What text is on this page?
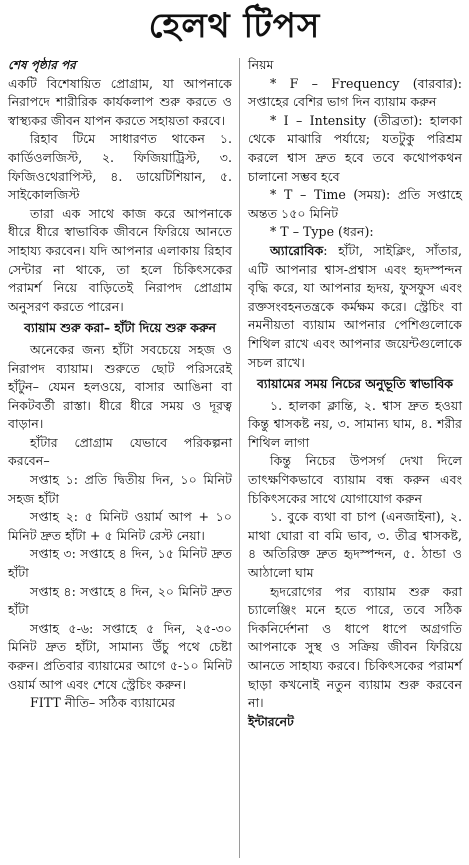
হেলথ টিপস

শেষ পৃষ্ঠার পর

একটি বিশেষায়িত প্রোগ্রাম, যা আপনাকে নিরাপদে শারীরিক কার্যকলাপ শুরু করতে ও স্বাস্থ্যকর জীবন যাপন করতে সহায়তা করবে।

রিহাব টিমে সাধারণত থাকেন ১. কার্ডিওলজিস্ট, ২. ফিজিয়াট্রিস্ট, ৩. ফিজিওথেরাপিস্ট, ৪. ডায়েটিশিয়ান, ৫. সাইকোলজিস্ট

তারা এক সাথে কাজ করে আপনাকে ধীরে ধীরে স্বাভাবিক জীবনে ফিরিয়ে আনতে সাহায্য করবেন। যদি আপনার এলাকায় রিহাব সেন্টার না থাকে, তা হলে চিকিৎসকের পরামর্শ নিয়ে বাড়িতেই নিরাপদ প্রোগ্রাম অনুসরণ করতে পারেন।

ব্যায়াম শুরু করা– হাঁটা দিয়ে শুরু করুন

অনেকের জন্য হাঁটা সবচেয়ে সহজ ও নিরাপদ ব্যায়াম। শুরুতে ছোট পরিসরেই হাঁটুন– যেমন হলওয়ে, বাসার আঙিনা বা নিকটবর্তী রাস্তা। ধীরে ধীরে সময় ও দূরত্ব বাড়ান।

হাঁটার প্রোগ্রাম যেভাবে পরিকল্পনা করবেন–

সপ্তাহ ১: প্রতি দ্বিতীয় দিন, ১০ মিনিট সহজ হাঁটা

সপ্তাহ ২: ৫ মিনিট ওয়ার্ম আপ + ১০ মিনিট দ্রুত হাঁটা + ৫ মিনিট রেস্ট নেয়া।

সপ্তাহ ৩: সপ্তাহে ৪ দিন, ১৫ মিনিট দ্রুত হাঁটা

সপ্তাহ ৪: সপ্তাহে ৪ দিন, ২০ মিনিট দ্রুত হাঁটা

সপ্তাহ ৫-৬: সপ্তাহে ৫ দিন, ২৫-৩০ মিনিট দ্রুত হাঁটা, সামান্য উঁচু পথে চেষ্টা করুন। প্রতিবার ব্যায়ামের আগে ৫-১০ মিনিট ওয়ার্ম আপ এবং শেষে স্ট্রেচিং করুন।

FITT নীতি– সঠিক ব্যায়ামের

নিয়ম

* F – Frequency (বারবার): সপ্তাহের বেশির ভাগ দিন ব্যায়াম করুন

* I – Intensity (তীব্রতা): হালকা থেকে মাঝারি পর্যায়ে; যতটুকু পরিশ্রম করলে শ্বাস দ্রুত হবে তবে কথোপকথন চালানো সম্ভব হবে

* T – Time (সময়): প্রতি সপ্তাহে অন্তত ১৫০ মিনিট

* T – Type (ধরন):

অ্যারোবিক: হাঁটা, সাইক্লিং, সাঁতার, এটি আপনার শ্বাস-প্রশ্বাস এবং হৃদস্পন্দন বৃদ্ধি করে, যা আপনার হৃদয়, ফুসফুস এবং রক্তসংবহনতন্ত্রকে কর্মক্ষম করে। স্ট্রেচিং বা নমনীয়তা ব্যায়াম আপনার পেশিগুলোকে শিথিল রাখে এবং আপনার জয়েন্টগুলোকে সচল রাখে।

ব্যায়ামের সময় নিচের অনুভূতি স্বাভাবিক

১. হালকা ক্লান্তি, ২. শ্বাস দ্রুত হওয়া কিন্তু শ্বাসকষ্ট নয়, ৩. সামান্য ঘাম, ৪. শরীর শিথিল লাগা

কিন্তু নিচের উপসর্গ দেখা দিলে তাৎক্ষণিকভাবে ব্যায়াম বন্ধ করুন এবং চিকিৎসকের সাথে যোগাযোগ করুন

১. বুকে ব্যথা বা চাপ (এনজাইনা), ২. মাথা ঘোরা বা বমি ভাব, ৩. তীব্র শ্বাসকষ্ট, ৪ অতিরিক্ত দ্রুত হৃদস্পন্দন, ৫. ঠান্ডা ও আঠালো ঘাম

হৃদরোগের পর ব্যায়াম শুরু করা চ্যালেঞ্জিং মনে হতে পারে, তবে সঠিক দিকনির্দেশনা ও ধাপে ধাপে অগ্রগতি আপনাকে সুস্থ ও সক্রিয় জীবন ফিরিয়ে আনতে সাহায্য করবে। চিকিৎসকের পরামর্শ ছাড়া কখনোই নতুন ব্যায়াম শুরু করবেন না।

ইন্টারনেট
